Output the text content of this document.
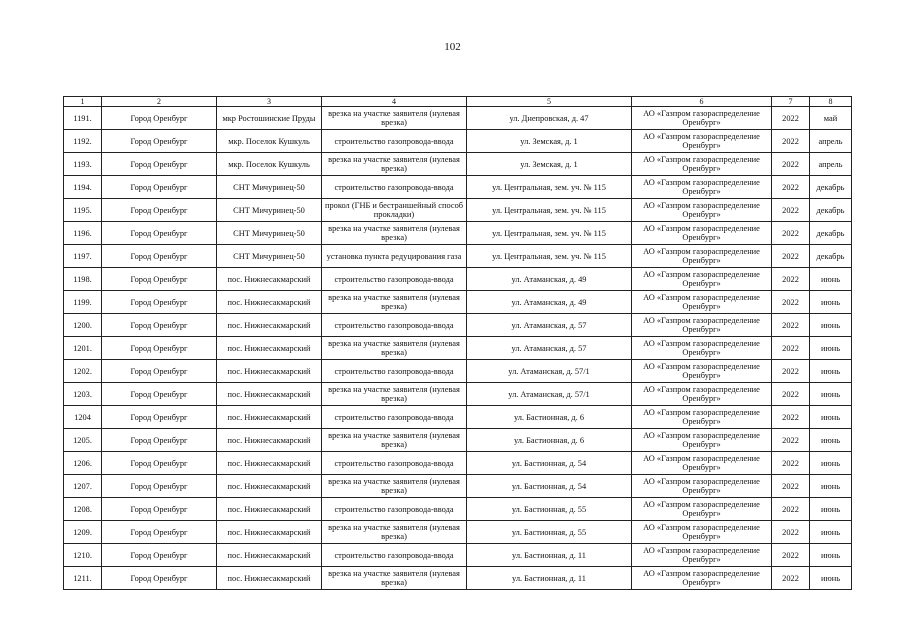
102
1	2	3	4	5	6	7	8
1191.	Город Оренбург	мкр Ростошинские Пруды	врезка на участке заявителя (нулевая врезка)	ул. Днепровская, д. 47	АО «Газпром газораспределение Оренбург»	2022	май
1192.	Город Оренбург	мкр. Поселок Кушкуль	строительство газопровода-ввода	ул. Земская, д. 1	АО «Газпром газораспределение Оренбург»	2022	апрель
1193.	Город Оренбург	мкр. Поселок Кушкуль	врезка на участке заявителя (нулевая врезка)	ул. Земская, д. 1	АО «Газпром газораспределение Оренбург»	2022	апрель
1194.	Город Оренбург	СНТ Мичуринец-50	строительство газопровода-ввода	ул. Центральная, зем. уч. № 115	АО «Газпром газораспределение Оренбург»	2022	декабрь
1195.	Город Оренбург	СНТ Мичуринец-50	прокол (ГНБ и бестраншейный способ прокладки)	ул. Центральная, зем. уч. № 115	АО «Газпром газораспределение Оренбург»	2022	декабрь
1196.	Город Оренбург	СНТ Мичуринец-50	врезка на участке заявителя (нулевая врезка)	ул. Центральная, зем. уч. № 115	АО «Газпром газораспределение Оренбург»	2022	декабрь
1197.	Город Оренбург	СНТ Мичуринец-50	установка пункта редуцирования газа	ул. Центральная, зем. уч. № 115	АО «Газпром газораспределение Оренбург»	2022	декабрь
1198.	Город Оренбург	пос. Нижнесакмарский	строительство газопровода-ввода	ул. Атаманская, д. 49	АО «Газпром газораспределение Оренбург»	2022	июнь
1199.	Город Оренбург	пос. Нижнесакмарский	врезка на участке заявителя (нулевая врезка)	ул. Атаманская, д. 49	АО «Газпром газораспределение Оренбург»	2022	июнь
1200.	Город Оренбург	пос. Нижнесакмарский	строительство газопровода-ввода	ул. Атаманская, д. 57	АО «Газпром газораспределение Оренбург»	2022	июнь
1201.	Город Оренбург	пос. Нижнесакмарский	врезка на участке заявителя (нулевая врезка)	ул. Атаманская, д. 57	АО «Газпром газораспределение Оренбург»	2022	июнь
1202.	Город Оренбург	пос. Нижнесакмарский	строительство газопровода-ввода	ул. Атаманская, д. 57/1	АО «Газпром газораспределение Оренбург»	2022	июнь
1203.	Город Оренбург	пос. Нижнесакмарский	врезка на участке заявителя (нулевая врезка)	ул. Атаманская, д. 57/1	АО «Газпром газораспределение Оренбург»	2022	июнь
1204	Город Оренбург	пос. Нижнесакмарский	строительство газопровода-ввода	ул. Бастионная, д. 6	АО «Газпром газораспределение Оренбург»	2022	июнь
1205.	Город Оренбург	пос. Нижнесакмарский	врезка на участке заявителя (нулевая врезка)	ул. Бастионная, д. 6	АО «Газпром газораспределение Оренбург»	2022	июнь
1206.	Город Оренбург	пос. Нижнесакмарский	строительство газопровода-ввода	ул. Бастионная, д. 54	АО «Газпром газораспределение Оренбург»	2022	июнь
1207.	Город Оренбург	пос. Нижнесакмарский	врезка на участке заявителя (нулевая врезка)	ул. Бастионная, д. 54	АО «Газпром газораспределение Оренбург»	2022	июнь
1208.	Город Оренбург	пос. Нижнесакмарский	строительство газопровода-ввода	ул. Бастионная, д. 55	АО «Газпром газораспределение Оренбург»	2022	июнь
1209.	Город Оренбург	пос. Нижнесакмарский	врезка на участке заявителя (нулевая врезка)	ул. Бастионная, д. 55	АО «Газпром газораспределение Оренбург»	2022	июнь
1210.	Город Оренбург	пос. Нижнесакмарский	строительство газопровода-ввода	ул. Бастионная, д. 11	АО «Газпром газораспределение Оренбург»	2022	июнь
1211.	Город Оренбург	пос. Нижнесакмарский	врезка на участке заявителя (нулевая врезка)	ул. Бастионная, д. 11	АО «Газпром газораспределение Оренбург»	2022	июнь
